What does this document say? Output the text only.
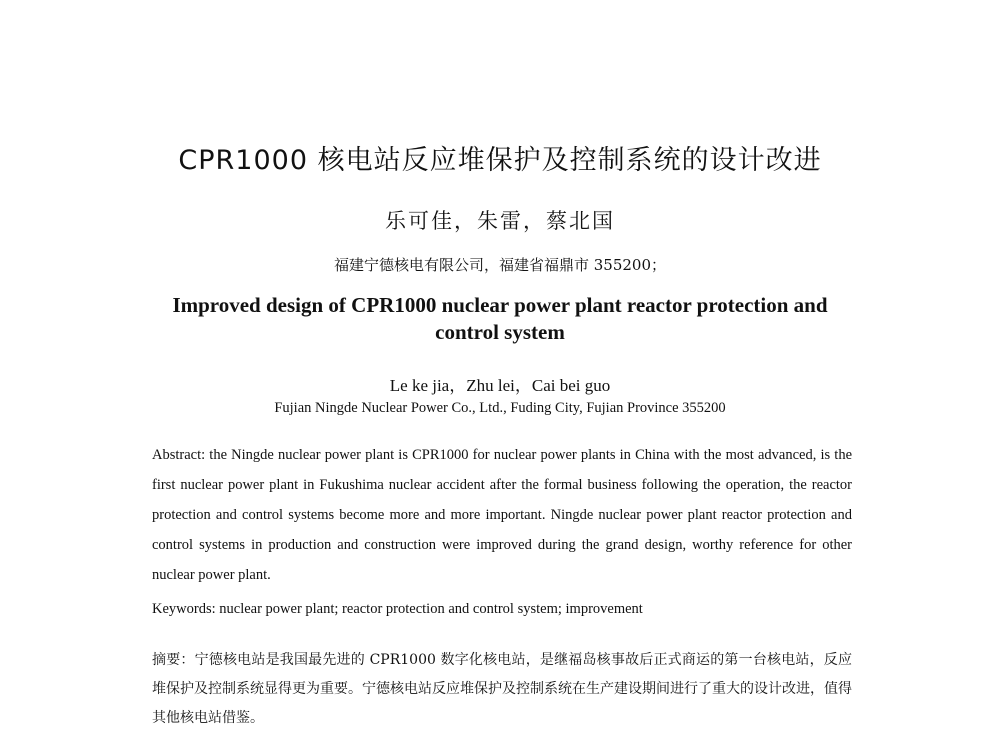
CPR1000 核电站反应堆保护及控制系统的设计改进
乐可佳，朱雷，蔡北国
福建宁德核电有限公司，福建省福鼎市 355200；
Improved design of CPR1000 nuclear power plant reactor protection and control system
Le ke jia，Zhu lei，Cai bei guo
Fujian Ningde Nuclear Power Co., Ltd., Fuding City, Fujian Province 355200

Abstract: the Ningde nuclear power plant is CPR1000 for nuclear power plants in China with the most advanced, is the first nuclear power plant in Fukushima nuclear accident after the formal business following the operation, the reactor protection and control systems become more and more important. Ningde nuclear power plant reactor protection and control systems in production and construction were improved during the grand design, worthy reference for other nuclear power plant.

Keywords: nuclear power plant; reactor protection and control system; improvement

摘要：宁德核电站是我国最先进的 CPR1000 数字化核电站，是继福岛核事故后正式商运的第一台核电站，反应堆保护及控制系统显得更为重要。宁德核电站反应堆保护及控制系统在生产建设期间进行了重大的设计改进，值得其他核电站借鉴。
